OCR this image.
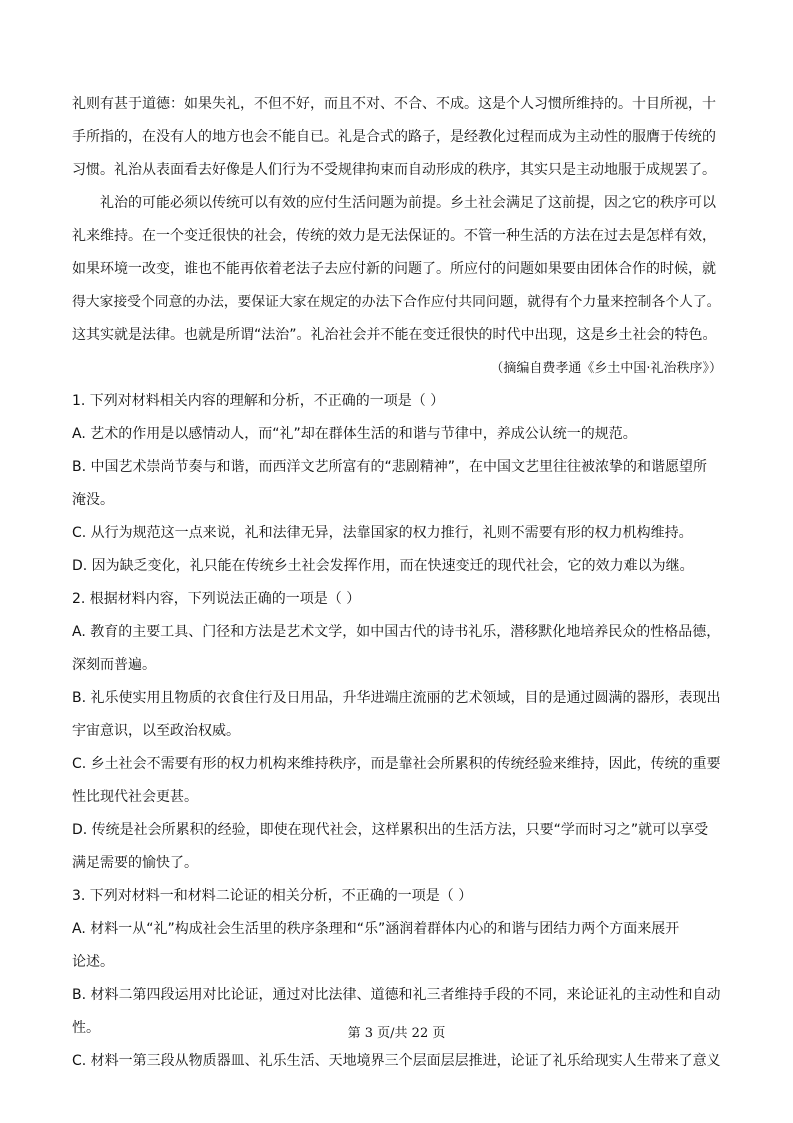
礼则有甚于道德：如果失礼，不但不好，而且不对、不合、不成。这是个人习惯所维持的。十目所视，十
手所指的，在没有人的地方也会不能自已。礼是合式的路子，是经教化过程而成为主动性的服膺于传统的
习惯。礼治从表面看去好像是人们行为不受规律拘束而自动形成的秩序，其实只是主动地服于成规罢了。
礼治的可能必须以传统可以有效的应付生活问题为前提。乡土社会满足了这前提，因之它的秩序可以
礼来维持。在一个变迁很快的社会，传统的效力是无法保证的。不管一种生活的方法在过去是怎样有效，
如果环境一改变，谁也不能再依着老法子去应付新的问题了。所应付的问题如果要由团体合作的时候，就
得大家接受个同意的办法，要保证大家在规定的办法下合作应付共同问题，就得有个力量来控制各个人了。
这其实就是法律。也就是所谓“法治”。礼治社会并不能在变迁很快的时代中出现，这是乡土社会的特色。
（摘编自费孝通《乡土中国·礼治秩序》）
1. 下列对材料相关内容的理解和分析，不正确的一项是（ ）
A. 艺术的作用是以感情动人，而“礼”却在群体生活的和谐与节律中，养成公认统一的规范。
B. 中国艺术崇尚节奏与和谐，而西洋文艺所富有的“悲剧精神”，在中国文艺里往往被浓挚的和谐愿望所
淹没。
C. 从行为规范这一点来说，礼和法律无异，法靠国家的权力推行，礼则不需要有形的权力机构维持。
D. 因为缺乏变化，礼只能在传统乡土社会发挥作用，而在快速变迁的现代社会，它的效力难以为继。
2. 根据材料内容，下列说法正确的一项是（ ）
A. 教育的主要工具、门径和方法是艺术文学，如中国古代的诗书礼乐，潜移默化地培养民众的性格品德，
深刻而普遍。
B. 礼乐使实用且物质的衣食住行及日用品，升华进端庄流丽的艺术领域，目的是通过圆满的器形，表现出
宇宙意识，以至政治权威。
C. 乡土社会不需要有形的权力机构来维持秩序，而是靠社会所累积的传统经验来维持，因此，传统的重要
性比现代社会更甚。
D. 传统是社会所累积的经验，即使在现代社会，这样累积出的生活方法，只要“学而时习之”就可以享受
满足需要的愉快了。
3. 下列对材料一和材料二论证的相关分析，不正确的一项是（ ）
A. 材料一从“礼”构成社会生活里的秩序条理和“乐”涵润着群体内心的和谐与团结力两个方面来展开
论述。
B. 材料二第四段运用对比论证，通过对比法律、道德和礼三者维持手段的不同，来论证礼的主动性和自动
性。
C. 材料一第三段从物质器皿、礼乐生活、天地境界三个层面层层推进，论证了礼乐给现实人生带来了意义
第 3 页/共 22 页
